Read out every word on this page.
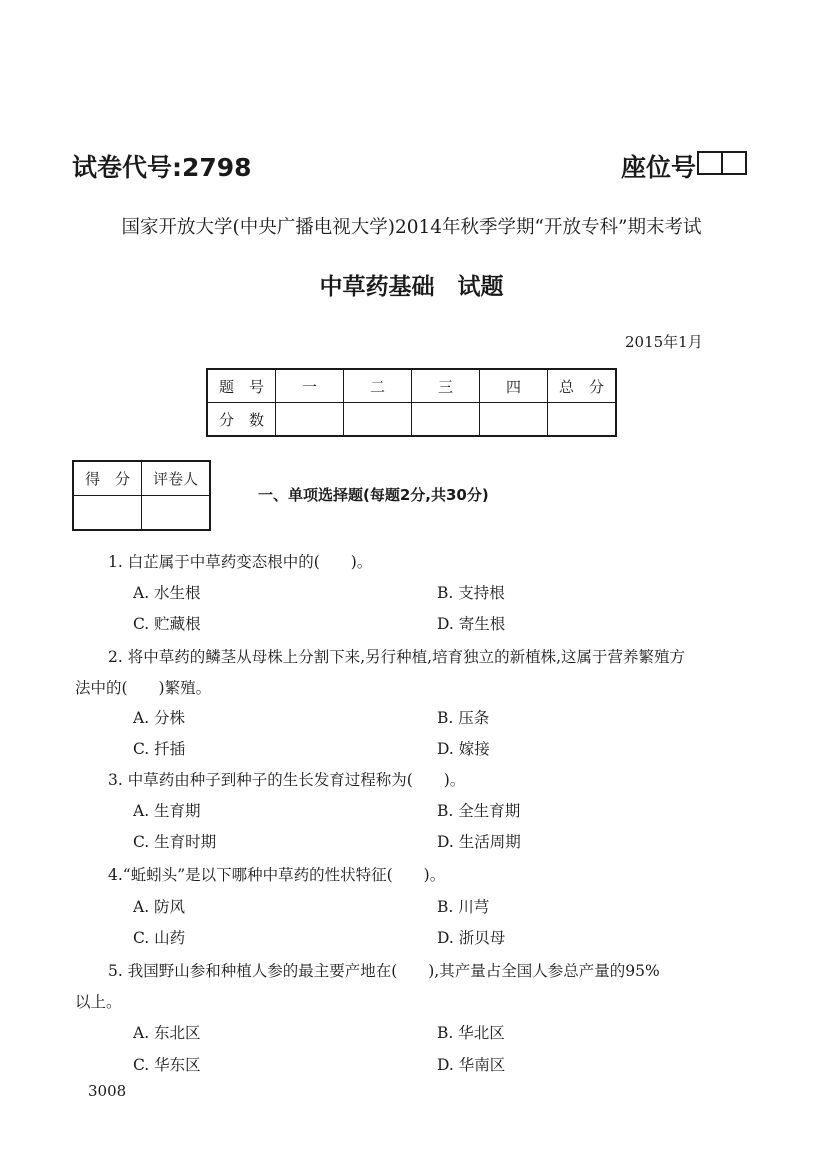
试卷代号:2798	座位号
国家开放大学(中央广播电视大学)2014年秋季学期“开放专科”期末考试
中草药基础　试题
2015年1月
题　号	一	二	三	四	总　分
分　数					
得　分	评卷人

一、单项选择题(每题2分,共30分)
1. 白芷属于中草药变态根中的(　　)。
A. 水生根	B. 支持根
C. 贮藏根	D. 寄生根
2. 将中草药的鳞茎从母株上分割下来,另行种植,培育独立的新植株,这属于营养繁殖方
法中的(　　)繁殖。
A. 分株	B. 压条
C. 扦插	D. 嫁接
3. 中草药由种子到种子的生长发育过程称为(　　)。
A. 生育期	B. 全生育期
C. 生育时期	D. 生活周期
4.“蚯蚓头”是以下哪种中草药的性状特征(　　)。
A. 防风	B. 川芎
C. 山药	D. 浙贝母
5. 我国野山参和种植人参的最主要产地在(　　),其产量占全国人参总产量的95%
以上。
A. 东北区	B. 华北区
C. 华东区	D. 华南区
3008
